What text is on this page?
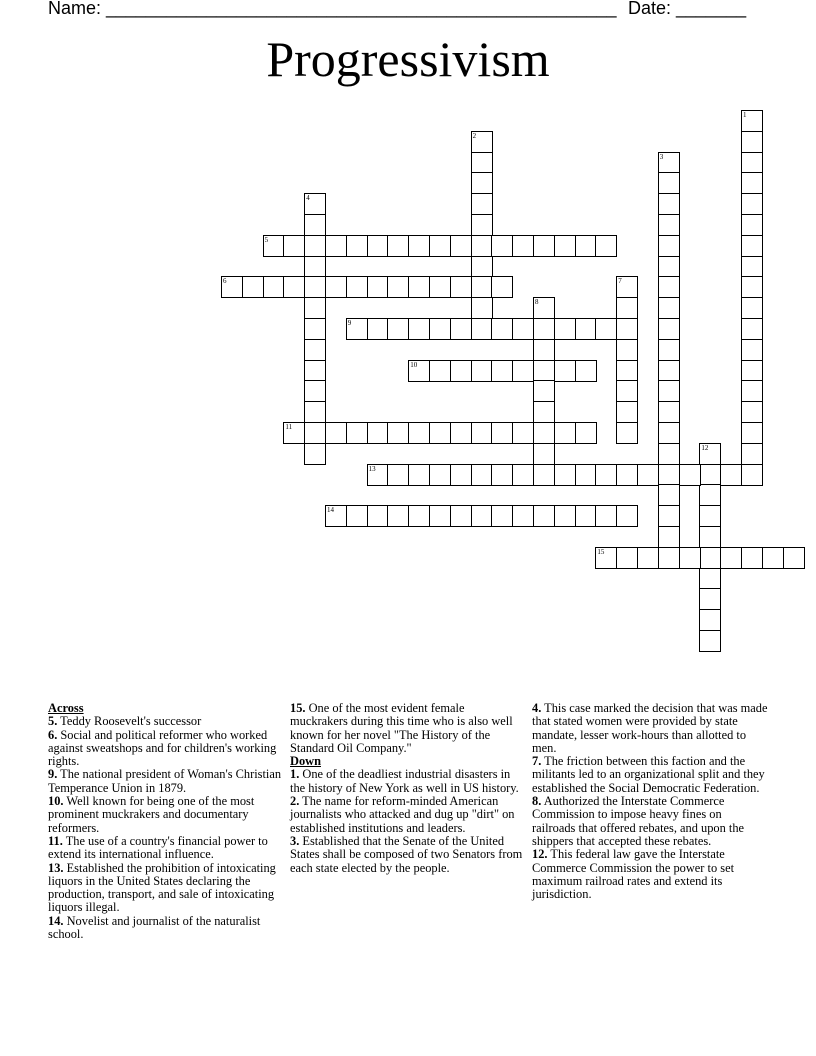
Name: ___________________________________________________ Date: _______
Progressivism
1
2
3
4
5
6	7
8
9
10
11
12
13
14
15
Across
5. Teddy Roosevelt's successor
6. Social and political reformer who worked against sweatshops and for children's working rights.
9. The national president of Woman's Christian Temperance Union in 1879.
10. Well known for being one of the most prominent muckrakers and documentary reformers.
11. The use of a country's financial power to extend its international influence.
13. Established the prohibition of intoxicating liquors in the United States declaring the production, transport, and sale of intoxicating liquors illegal.
14. Novelist and journalist of the naturalist school.
15. One of the most evident female muckrakers during this time who is also well known for her novel "The History of the Standard Oil Company."
Down
1. One of the deadliest industrial disasters in the history of New York as well in US history.
2. The name for reform-minded American journalists who attacked and dug up "dirt" on established institutions and leaders.
3. Established that the Senate of the United States shall be composed of two Senators from each state elected by the people.
4. This case marked the decision that was made that stated women were provided by state mandate, lesser work-hours than allotted to men.
7. The friction between this faction and the militants led to an organizational split and they established the Social Democratic Federation.
8. Authorized the Interstate Commerce Commission to impose heavy fines on railroads that offered rebates, and upon the shippers that accepted these rebates.
12. This federal law gave the Interstate Commerce Commission the power to set maximum railroad rates and extend its jurisdiction.
